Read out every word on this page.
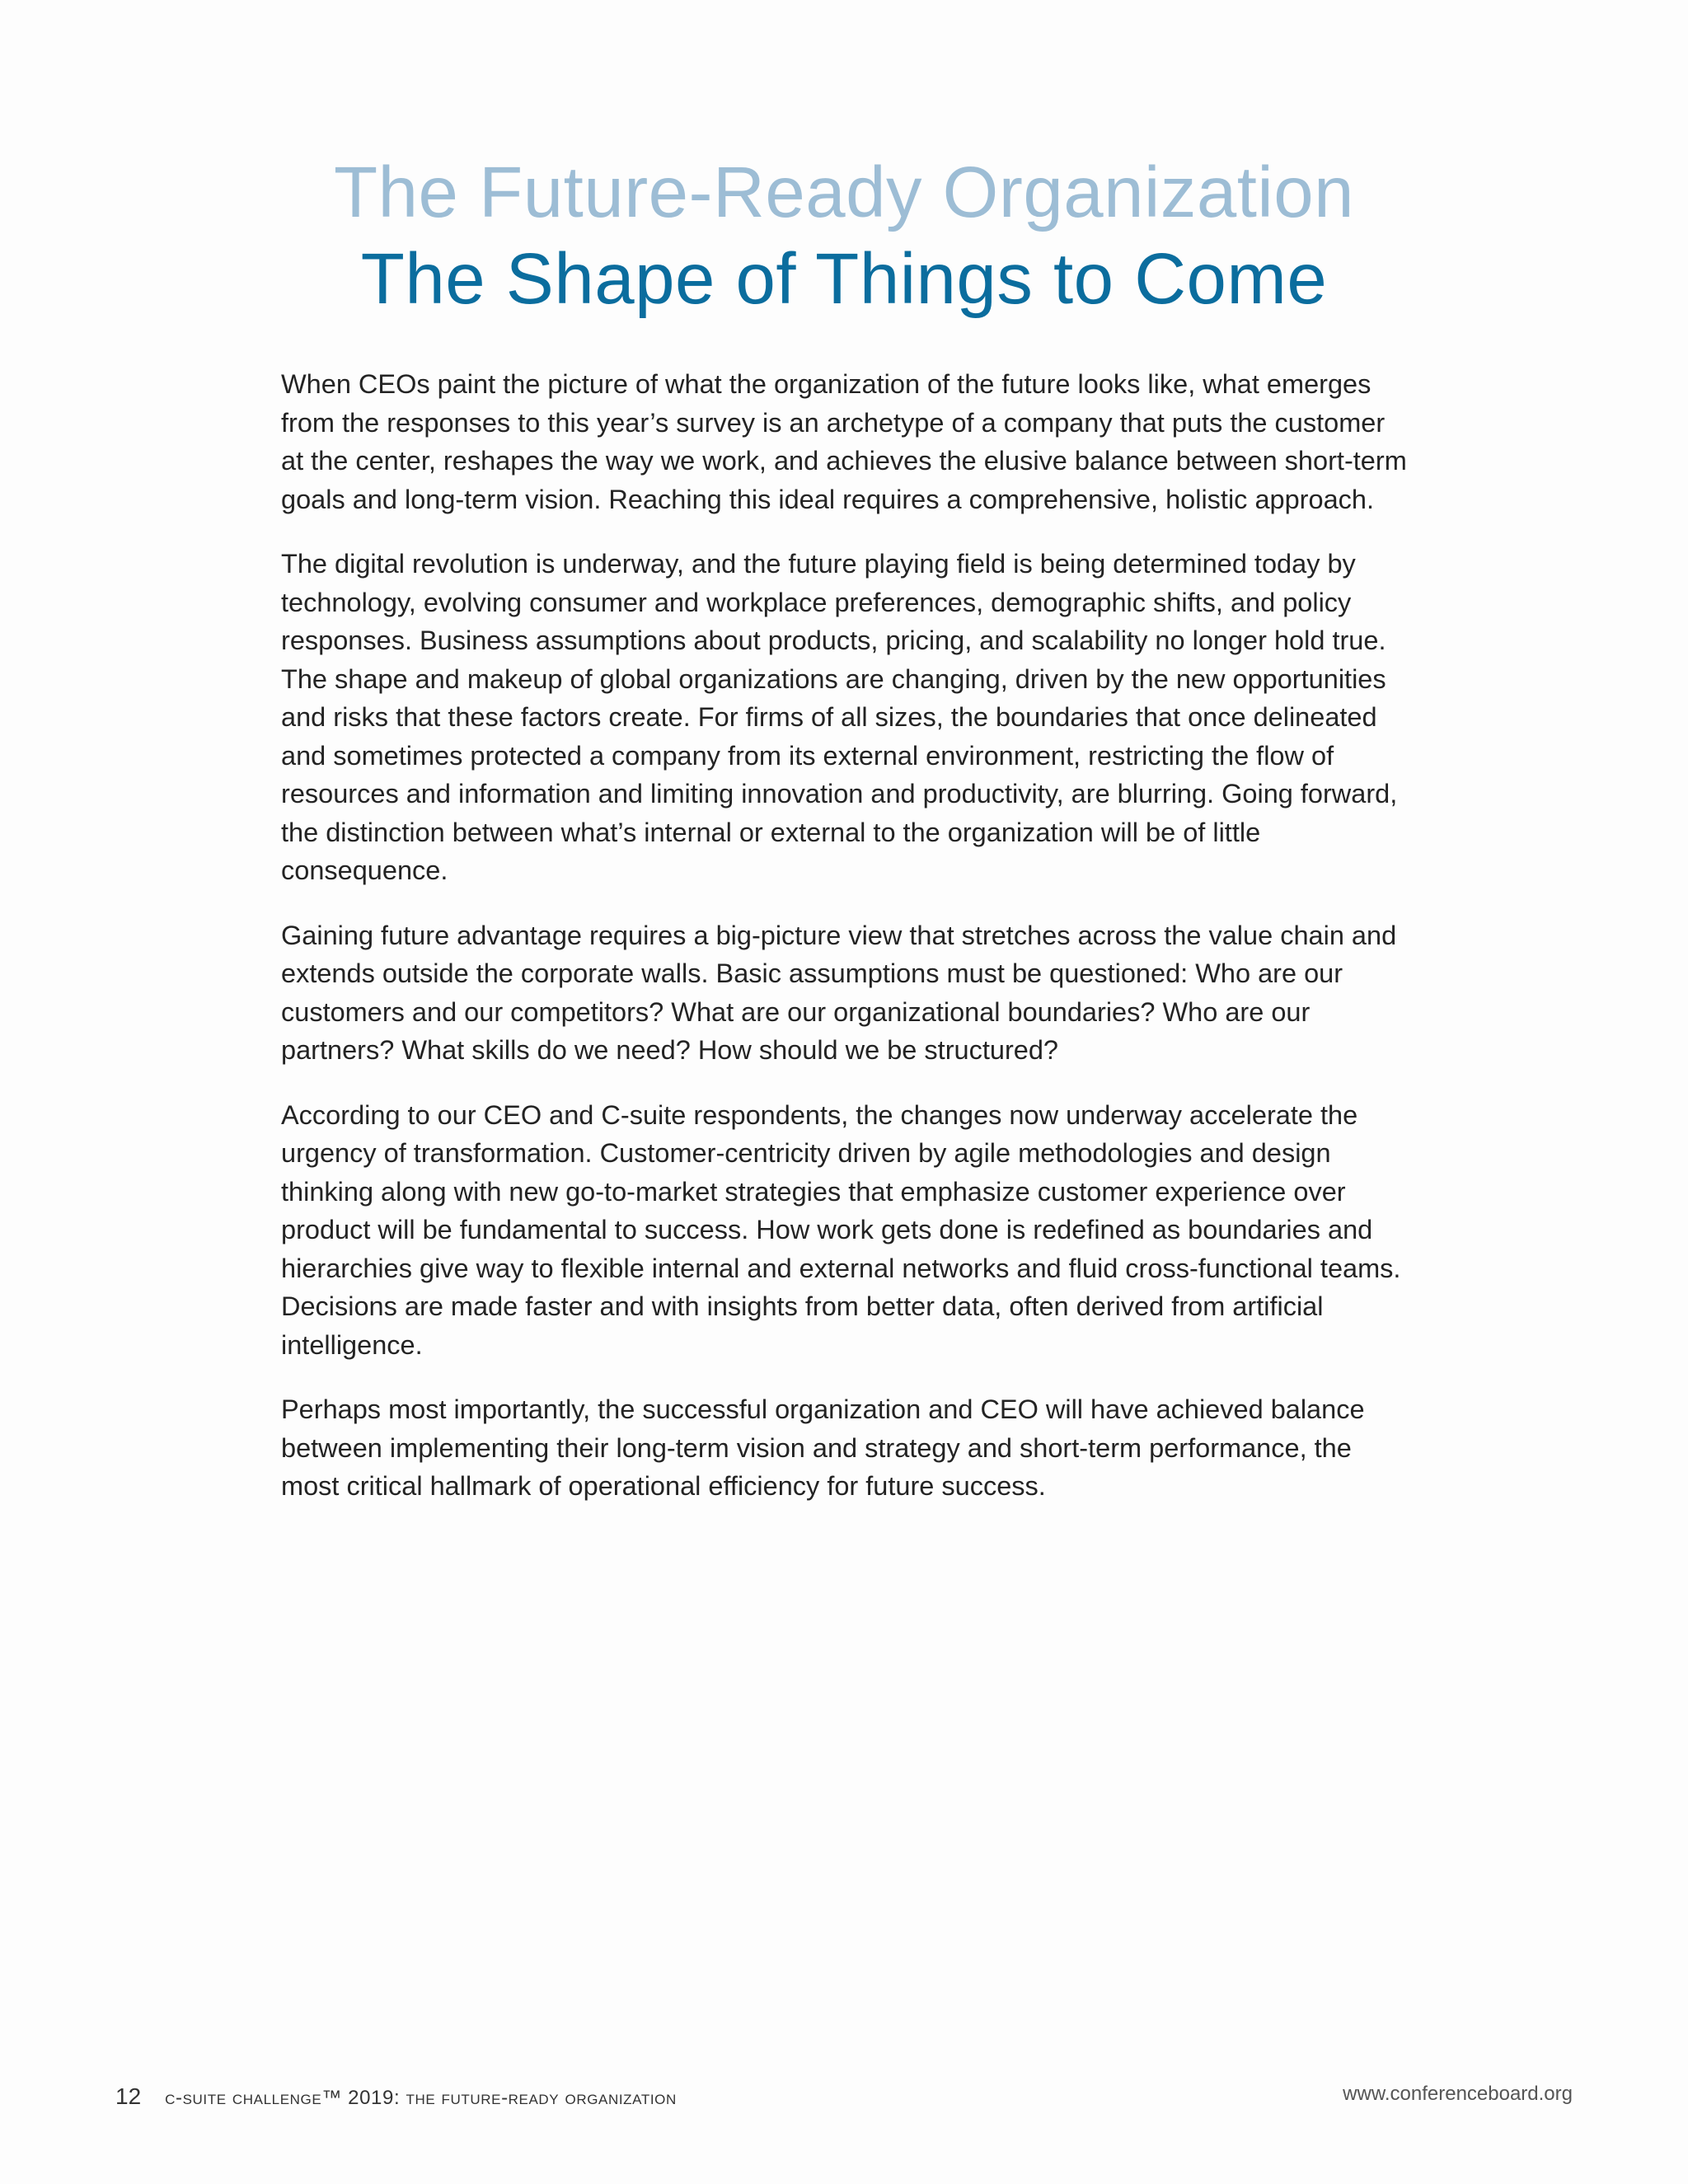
The Future-Ready Organization
The Shape of Things to Come

When CEOs paint the picture of what the organization of the future looks like, what emerges from the responses to this year’s survey is an archetype of a company that puts the customer at the center, reshapes the way we work, and achieves the elusive balance between short-term goals and long-term vision. Reaching this ideal requires a comprehensive, holistic approach.

The digital revolution is underway, and the future playing field is being determined today by technology, evolving consumer and workplace preferences, demographic shifts, and policy responses. Business assumptions about products, pricing, and scalability no longer hold true. The shape and makeup of global organizations are changing, driven by the new opportunities and risks that these factors create. For firms of all sizes, the boundaries that once delineated and sometimes protected a company from its external environment, restricting the flow of resources and information and limiting innovation and productivity, are blurring. Going forward, the distinction between what’s internal or external to the organization will be of little consequence.

Gaining future advantage requires a big-picture view that stretches across the value chain and extends outside the corporate walls. Basic assumptions must be questioned: Who are our customers and our competitors? What are our organizational boundaries? Who are our partners? What skills do we need? How should we be structured?

According to our CEO and C-suite respondents, the changes now underway accelerate the urgency of transformation. Customer-centricity driven by agile methodologies and design thinking along with new go-to-market strategies that emphasize customer experience over product will be fundamental to success. How work gets done is redefined as boundaries and hierarchies give way to flexible internal and external networks and fluid cross-functional teams. Decisions are made faster and with insights from better data, often derived from artificial intelligence.

Perhaps most importantly, the successful organization and CEO will have achieved balance between implementing their long-term vision and strategy and short-term performance, the most critical hallmark of operational efficiency for future success.

12 c-suite challenge™ 2019: the future-ready organization	www.conferenceboard.org
